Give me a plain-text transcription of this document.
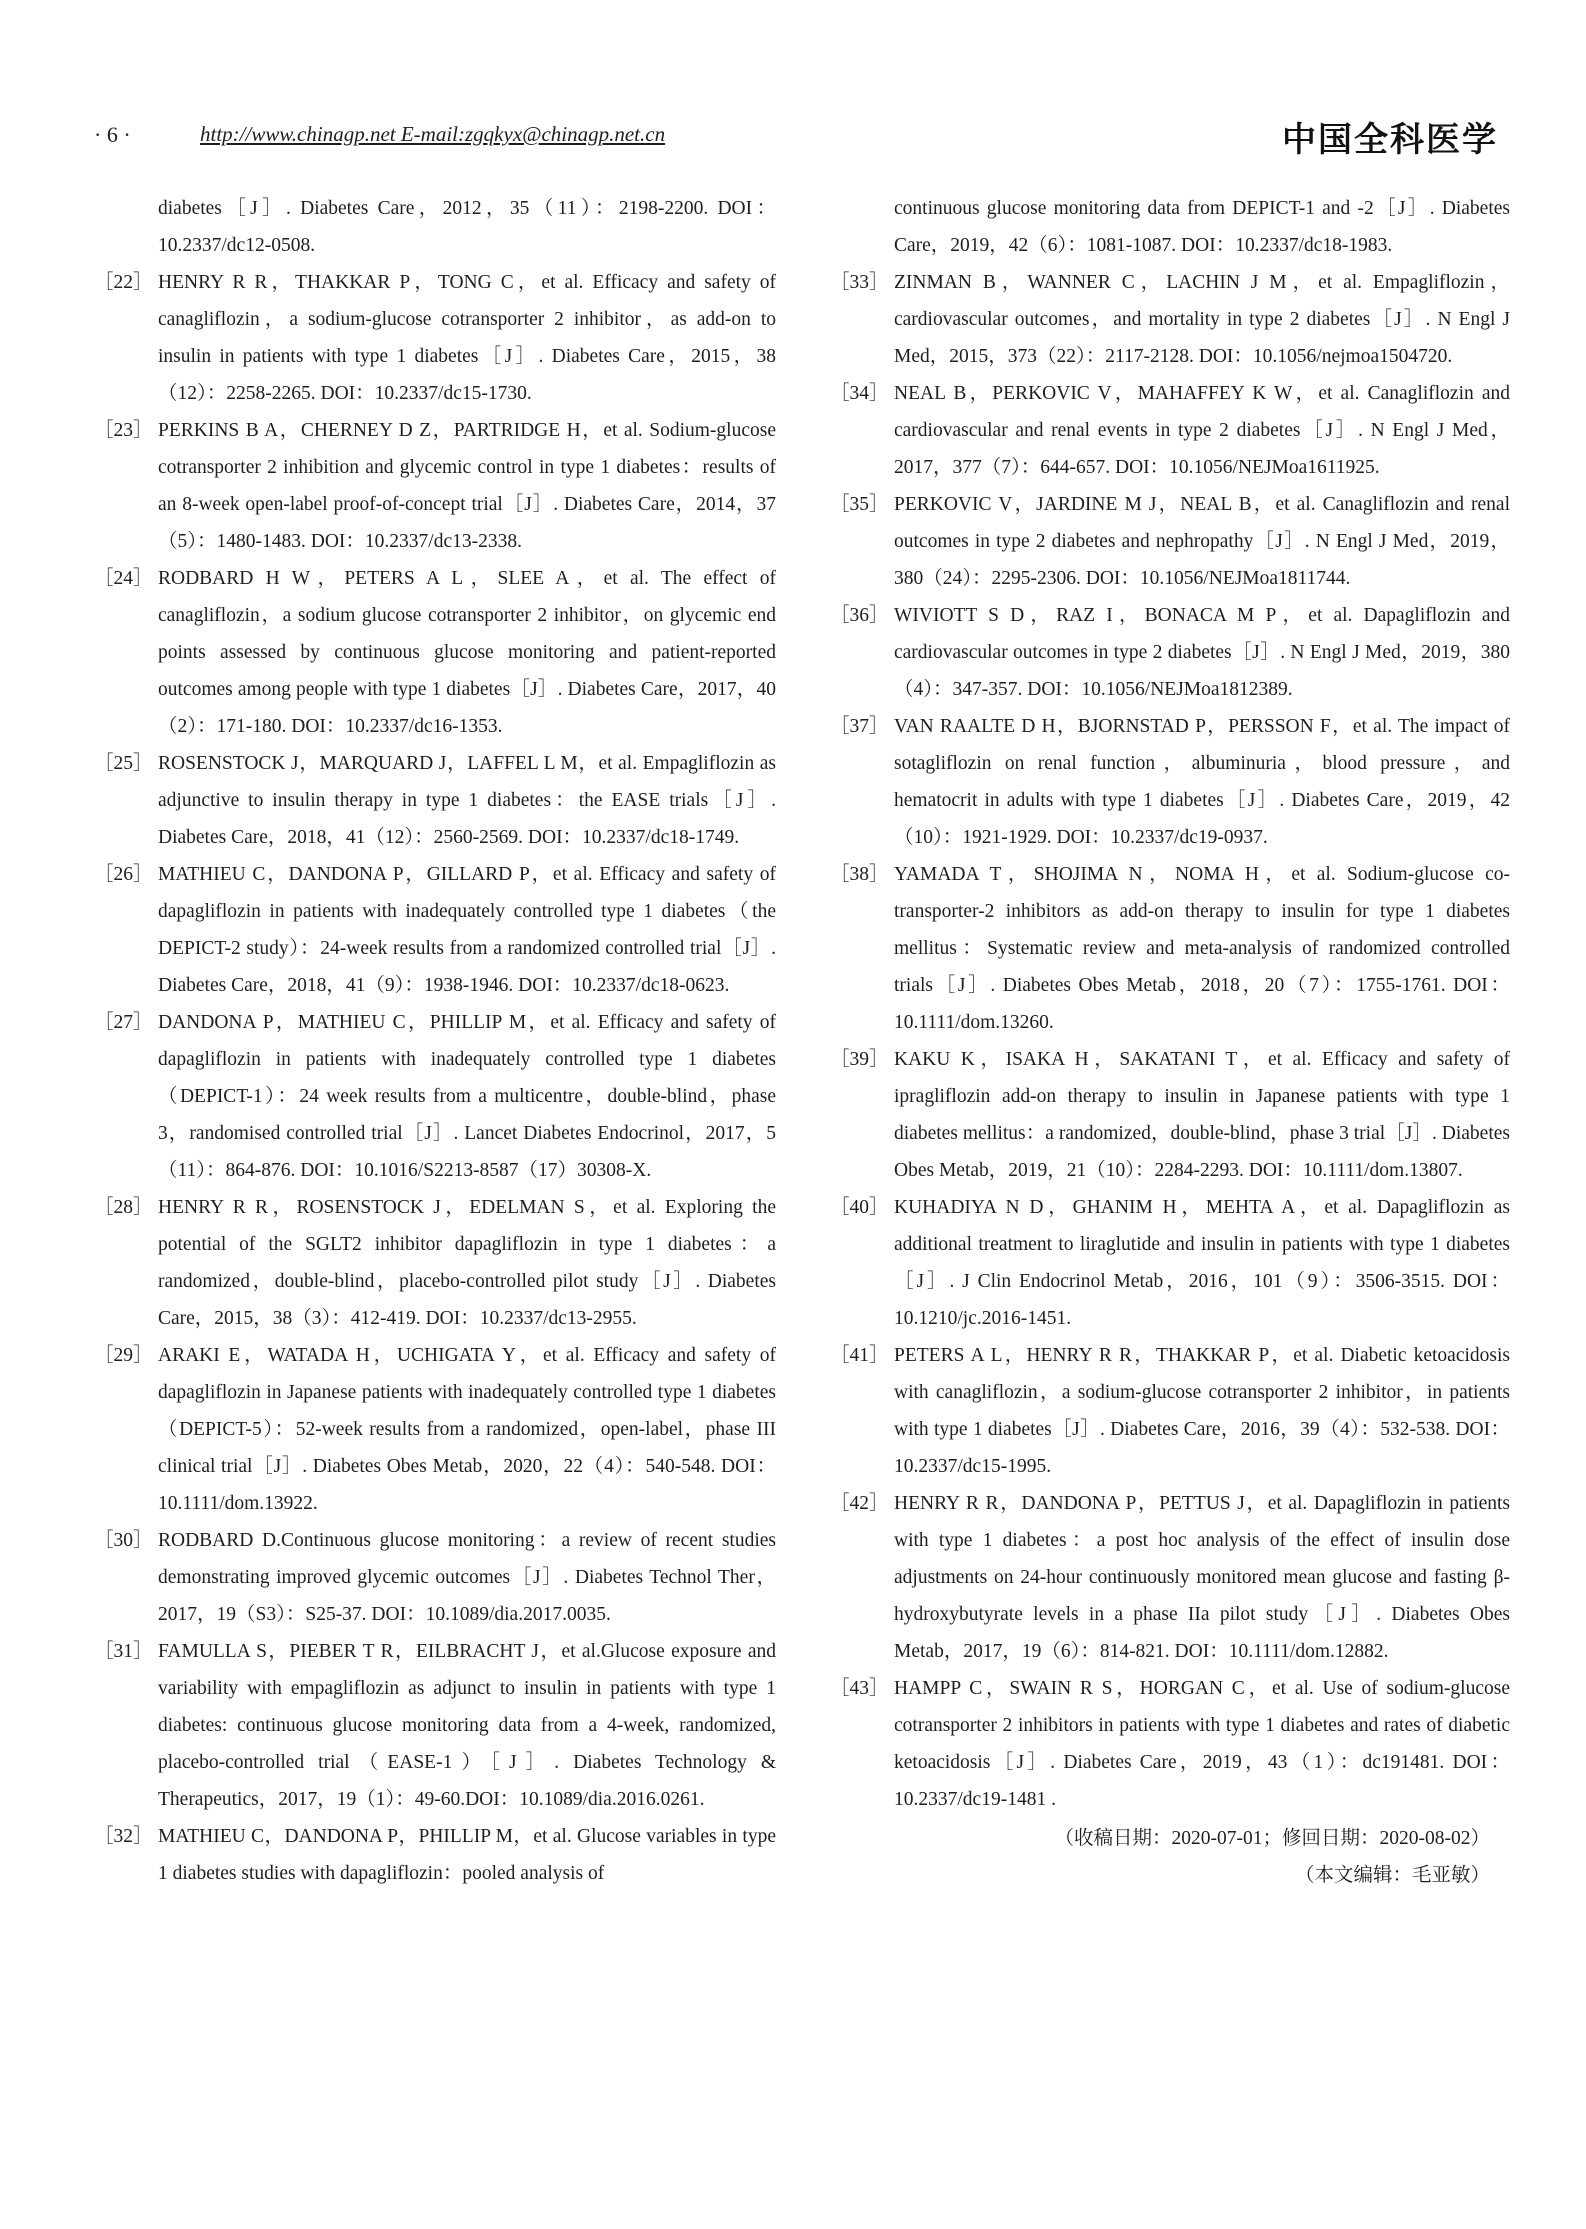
· 6 ·	http://www.chinagp.net E-mail:zgqkyx@chinagp.net.cn	中国全科医学
diabetes［J］. Diabetes Care，2012，35（11）：2198-2200. DOI：10.2337/dc12-0508.
［22］ HENRY R R，THAKKAR P，TONG C，et al. Efficacy and safety of canagliflozin，a sodium-glucose cotransporter 2 inhibitor，as add-on to insulin in patients with type 1 diabetes［J］. Diabetes Care，2015，38（12）：2258-2265. DOI：10.2337/dc15-1730.
［23］ PERKINS B A，CHERNEY D Z，PARTRIDGE H，et al. Sodium-glucose cotransporter 2 inhibition and glycemic control in type 1 diabetes：results of an 8-week open-label proof-of-concept trial［J］. Diabetes Care，2014，37（5）：1480-1483. DOI：10.2337/dc13-2338.
［24］ RODBARD H W，PETERS A L，SLEE A，et al. The effect of canagliflozin，a sodium glucose cotransporter 2 inhibitor，on glycemic end points assessed by continuous glucose monitoring and patient-reported outcomes among people with type 1 diabetes［J］. Diabetes Care，2017，40（2）：171-180. DOI：10.2337/dc16-1353.
［25］ ROSENSTOCK J，MARQUARD J，LAFFEL L M，et al. Empagliflozin as adjunctive to insulin therapy in type 1 diabetes：the EASE trials［J］. Diabetes Care，2018，41（12）：2560-2569. DOI：10.2337/dc18-1749.
［26］ MATHIEU C，DANDONA P，GILLARD P，et al. Efficacy and safety of dapagliflozin in patients with inadequately controlled type 1 diabetes（the DEPICT-2 study）：24-week results from a randomized controlled trial［J］. Diabetes Care，2018，41（9）：1938-1946. DOI：10.2337/dc18-0623.
［27］ DANDONA P，MATHIEU C，PHILLIP M，et al. Efficacy and safety of dapagliflozin in patients with inadequately controlled type 1 diabetes（DEPICT-1）：24 week results from a multicentre，double-blind，phase 3，randomised controlled trial［J］. Lancet Diabetes Endocrinol，2017，5（11）：864-876. DOI：10.1016/S2213-8587（17）30308-X.
［28］ HENRY R R，ROSENSTOCK J，EDELMAN S，et al. Exploring the potential of the SGLT2 inhibitor dapagliflozin in type 1 diabetes：a randomized，double-blind，placebo-controlled pilot study［J］. Diabetes Care，2015，38（3）：412-419. DOI：10.2337/dc13-2955.
［29］ ARAKI E，WATADA H，UCHIGATA Y，et al. Efficacy and safety of dapagliflozin in Japanese patients with inadequately controlled type 1 diabetes（DEPICT-5）：52-week results from a randomized，open-label，phase III clinical trial［J］. Diabetes Obes Metab，2020，22（4）：540-548. DOI：10.1111/dom.13922.
［30］ RODBARD D.Continuous glucose monitoring：a review of recent studies demonstrating improved glycemic outcomes［J］. Diabetes Technol Ther，2017，19（S3）：S25-37. DOI：10.1089/dia.2017.0035.
［31］ FAMULLA S，PIEBER T R，EILBRACHT J，et al.Glucose exposure and variability with empagliflozin as adjunct to insulin in patients with type 1 diabetes: continuous glucose monitoring data from a 4-week, randomized, placebo-controlled trial（EASE-1）［J］. Diabetes Technology & Therapeutics，2017，19（1）：49-60.DOI：10.1089/dia.2016.0261.
［32］ MATHIEU C，DANDONA P，PHILLIP M，et al. Glucose variables in type 1 diabetes studies with dapagliflozin：pooled analysis of
continuous glucose monitoring data from DEPICT-1 and -2［J］. Diabetes Care，2019，42（6）：1081-1087. DOI：10.2337/dc18-1983.
［33］ ZINMAN B，WANNER C，LACHIN J M，et al. Empagliflozin，cardiovascular outcomes，and mortality in type 2 diabetes［J］. N Engl J Med，2015，373（22）：2117-2128. DOI：10.1056/nejmoa1504720.
［34］ NEAL B，PERKOVIC V，MAHAFFEY K W，et al. Canagliflozin and cardiovascular and renal events in type 2 diabetes［J］. N Engl J Med，2017，377（7）：644-657. DOI：10.1056/NEJMoa1611925.
［35］ PERKOVIC V，JARDINE M J，NEAL B，et al. Canagliflozin and renal outcomes in type 2 diabetes and nephropathy［J］. N Engl J Med，2019，380（24）：2295-2306. DOI：10.1056/NEJMoa1811744.
［36］ WIVIOTT S D，RAZ I，BONACA M P，et al. Dapagliflozin and cardiovascular outcomes in type 2 diabetes［J］. N Engl J Med，2019，380（4）：347-357. DOI：10.1056/NEJMoa1812389.
［37］ VAN RAALTE D H，BJORNSTAD P，PERSSON F，et al. The impact of sotagliflozin on renal function，albuminuria，blood pressure，and hematocrit in adults with type 1 diabetes［J］. Diabetes Care，2019，42（10）：1921-1929. DOI：10.2337/dc19-0937.
［38］ YAMADA T，SHOJIMA N，NOMA H，et al. Sodium-glucose co-transporter-2 inhibitors as add-on therapy to insulin for type 1 diabetes mellitus：Systematic review and meta-analysis of randomized controlled trials［J］. Diabetes Obes Metab，2018，20（7）：1755-1761. DOI：10.1111/dom.13260.
［39］ KAKU K，ISAKA H，SAKATANI T，et al. Efficacy and safety of ipragliflozin add-on therapy to insulin in Japanese patients with type 1 diabetes mellitus：a randomized，double-blind，phase 3 trial［J］. Diabetes Obes Metab，2019，21（10）：2284-2293. DOI：10.1111/dom.13807.
［40］ KUHADIYA N D，GHANIM H，MEHTA A，et al. Dapagliflozin as additional treatment to liraglutide and insulin in patients with type 1 diabetes［J］. J Clin Endocrinol Metab，2016，101（9）：3506-3515. DOI：10.1210/jc.2016-1451.
［41］ PETERS A L，HENRY R R，THAKKAR P，et al. Diabetic ketoacidosis with canagliflozin，a sodium-glucose cotransporter 2 inhibitor，in patients with type 1 diabetes［J］. Diabetes Care，2016，39（4）：532-538. DOI：10.2337/dc15-1995.
［42］ HENRY R R，DANDONA P，PETTUS J，et al. Dapagliflozin in patients with type 1 diabetes：a post hoc analysis of the effect of insulin dose adjustments on 24-hour continuously monitored mean glucose and fasting β-hydroxybutyrate levels in a phase IIa pilot study［J］. Diabetes Obes Metab，2017，19（6）：814-821. DOI：10.1111/dom.12882.
［43］ HAMPP C，SWAIN R S，HORGAN C，et al. Use of sodium-glucose cotransporter 2 inhibitors in patients with type 1 diabetes and rates of diabetic ketoacidosis［J］. Diabetes Care，2019，43（1）：dc191481. DOI：10.2337/dc19-1481 .
（收稿日期：2020-07-01；修回日期：2020-08-02）
（本文编辑：毛亚敏）
